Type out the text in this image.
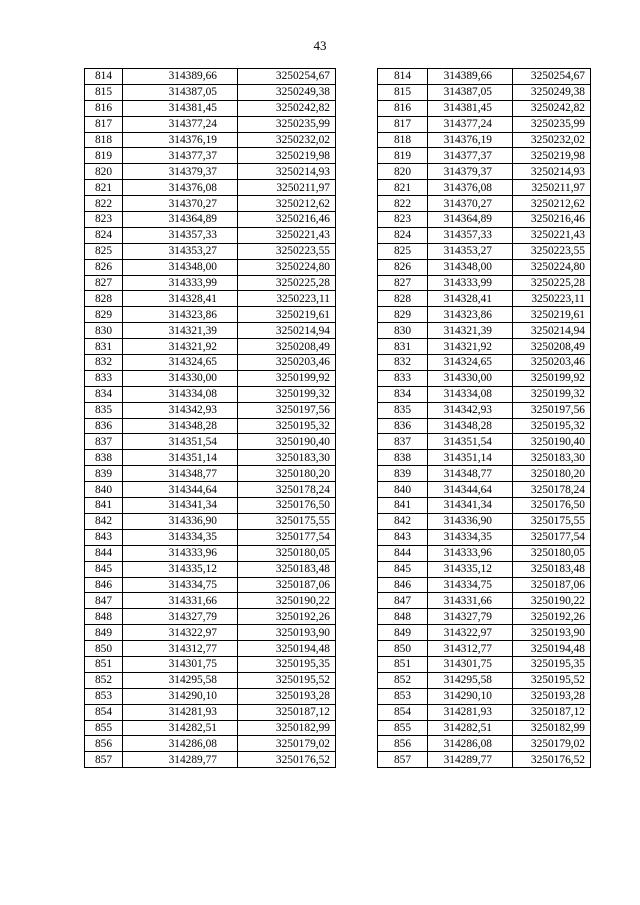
43
814	314389,66	3250254,67
815	314387,05	3250249,38
816	314381,45	3250242,82
817	314377,24	3250235,99
818	314376,19	3250232,02
819	314377,37	3250219,98
820	314379,37	3250214,93
821	314376,08	3250211,97
822	314370,27	3250212,62
823	314364,89	3250216,46
824	314357,33	3250221,43
825	314353,27	3250223,55
826	314348,00	3250224,80
827	314333,99	3250225,28
828	314328,41	3250223,11
829	314323,86	3250219,61
830	314321,39	3250214,94
831	314321,92	3250208,49
832	314324,65	3250203,46
833	314330,00	3250199,92
834	314334,08	3250199,32
835	314342,93	3250197,56
836	314348,28	3250195,32
837	314351,54	3250190,40
838	314351,14	3250183,30
839	314348,77	3250180,20
840	314344,64	3250178,24
841	314341,34	3250176,50
842	314336,90	3250175,55
843	314334,35	3250177,54
844	314333,96	3250180,05
845	314335,12	3250183,48
846	314334,75	3250187,06
847	314331,66	3250190,22
848	314327,79	3250192,26
849	314322,97	3250193,90
850	314312,77	3250194,48
851	314301,75	3250195,35
852	314295,58	3250195,52
853	314290,10	3250193,28
854	314281,93	3250187,12
855	314282,51	3250182,99
856	314286,08	3250179,02
857	314289,77	3250176,52
814	314389,66	3250254,67
815	314387,05	3250249,38
816	314381,45	3250242,82
817	314377,24	3250235,99
818	314376,19	3250232,02
819	314377,37	3250219,98
820	314379,37	3250214,93
821	314376,08	3250211,97
822	314370,27	3250212,62
823	314364,89	3250216,46
824	314357,33	3250221,43
825	314353,27	3250223,55
826	314348,00	3250224,80
827	314333,99	3250225,28
828	314328,41	3250223,11
829	314323,86	3250219,61
830	314321,39	3250214,94
831	314321,92	3250208,49
832	314324,65	3250203,46
833	314330,00	3250199,92
834	314334,08	3250199,32
835	314342,93	3250197,56
836	314348,28	3250195,32
837	314351,54	3250190,40
838	314351,14	3250183,30
839	314348,77	3250180,20
840	314344,64	3250178,24
841	314341,34	3250176,50
842	314336,90	3250175,55
843	314334,35	3250177,54
844	314333,96	3250180,05
845	314335,12	3250183,48
846	314334,75	3250187,06
847	314331,66	3250190,22
848	314327,79	3250192,26
849	314322,97	3250193,90
850	314312,77	3250194,48
851	314301,75	3250195,35
852	314295,58	3250195,52
853	314290,10	3250193,28
854	314281,93	3250187,12
855	314282,51	3250182,99
856	314286,08	3250179,02
857	314289,77	3250176,52
